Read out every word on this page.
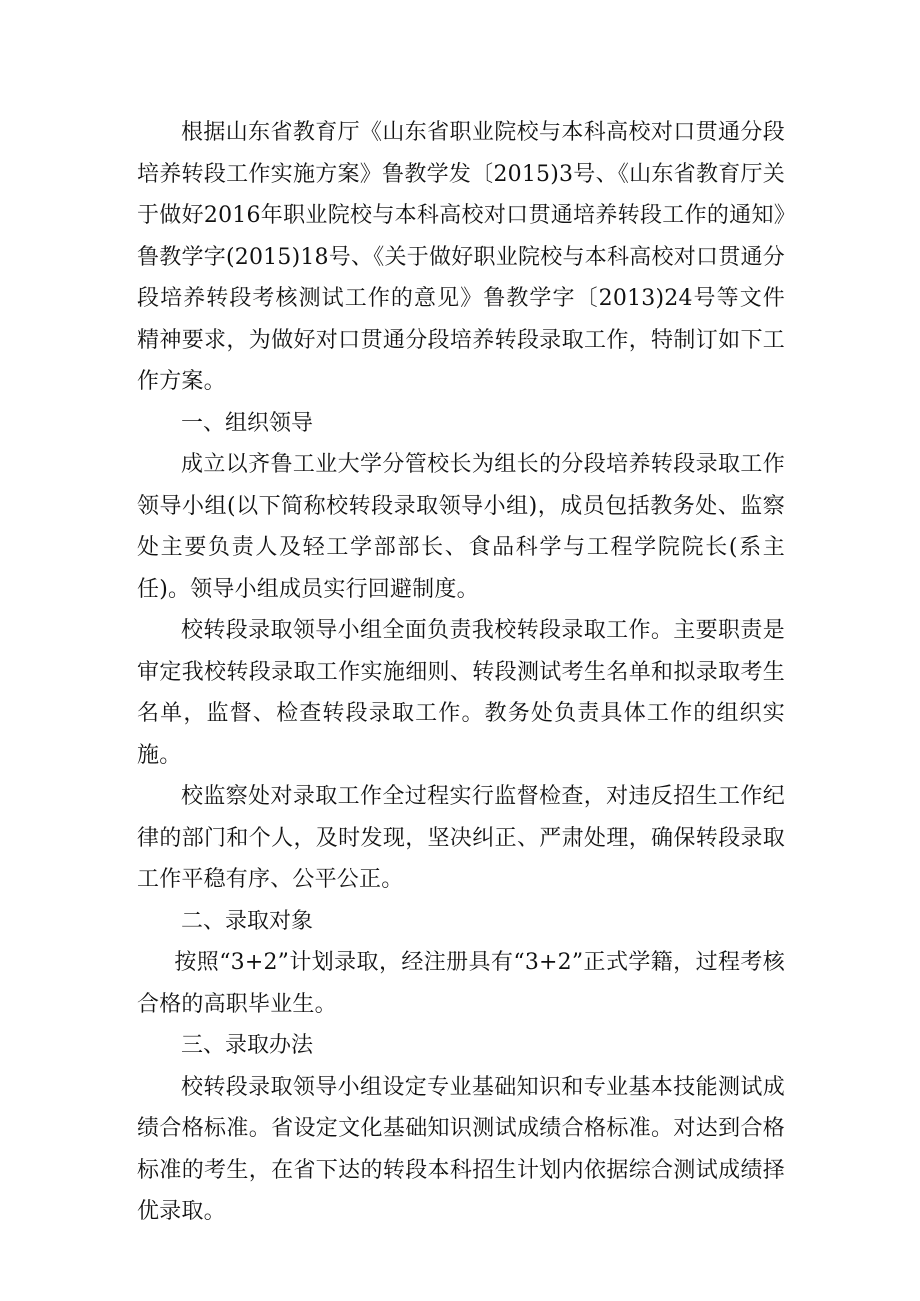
根据山东省教育厅《山东省职业院校与本科高校对口贯通分段培养转段工作实施方案》鲁教学发〔2015)3号、《山东省教育厅关于做好2016年职业院校与本科高校对口贯通培养转段工作的通知》鲁教学字(2015)18号、《关于做好职业院校与本科高校对口贯通分段培养转段考核测试工作的意见》鲁教学字〔2013)24号等文件精神要求，为做好对口贯通分段培养转段录取工作，特制订如下工作方案。

一、组织领导

成立以齐鲁工业大学分管校长为组长的分段培养转段录取工作领导小组(以下简称校转段录取领导小组)，成员包括教务处、监察处主要负责人及轻工学部部长、食品科学与工程学院院长(系主任)。领导小组成员实行回避制度。

校转段录取领导小组全面负责我校转段录取工作。主要职责是审定我校转段录取工作实施细则、转段测试考生名单和拟录取考生名单，监督、检查转段录取工作。教务处负责具体工作的组织实施。

校监察处对录取工作全过程实行监督检查，对违反招生工作纪律的部门和个人，及时发现，坚决纠正、严肃处理，确保转段录取工作平稳有序、公平公正。

二、录取对象

按照“3+2”计划录取，经注册具有“3+2”正式学籍，过程考核合格的高职毕业生。

三、录取办法

校转段录取领导小组设定专业基础知识和专业基本技能测试成绩合格标准。省设定文化基础知识测试成绩合格标准。对达到合格标准的考生，在省下达的转段本科招生计划内依据综合测试成绩择优录取。
